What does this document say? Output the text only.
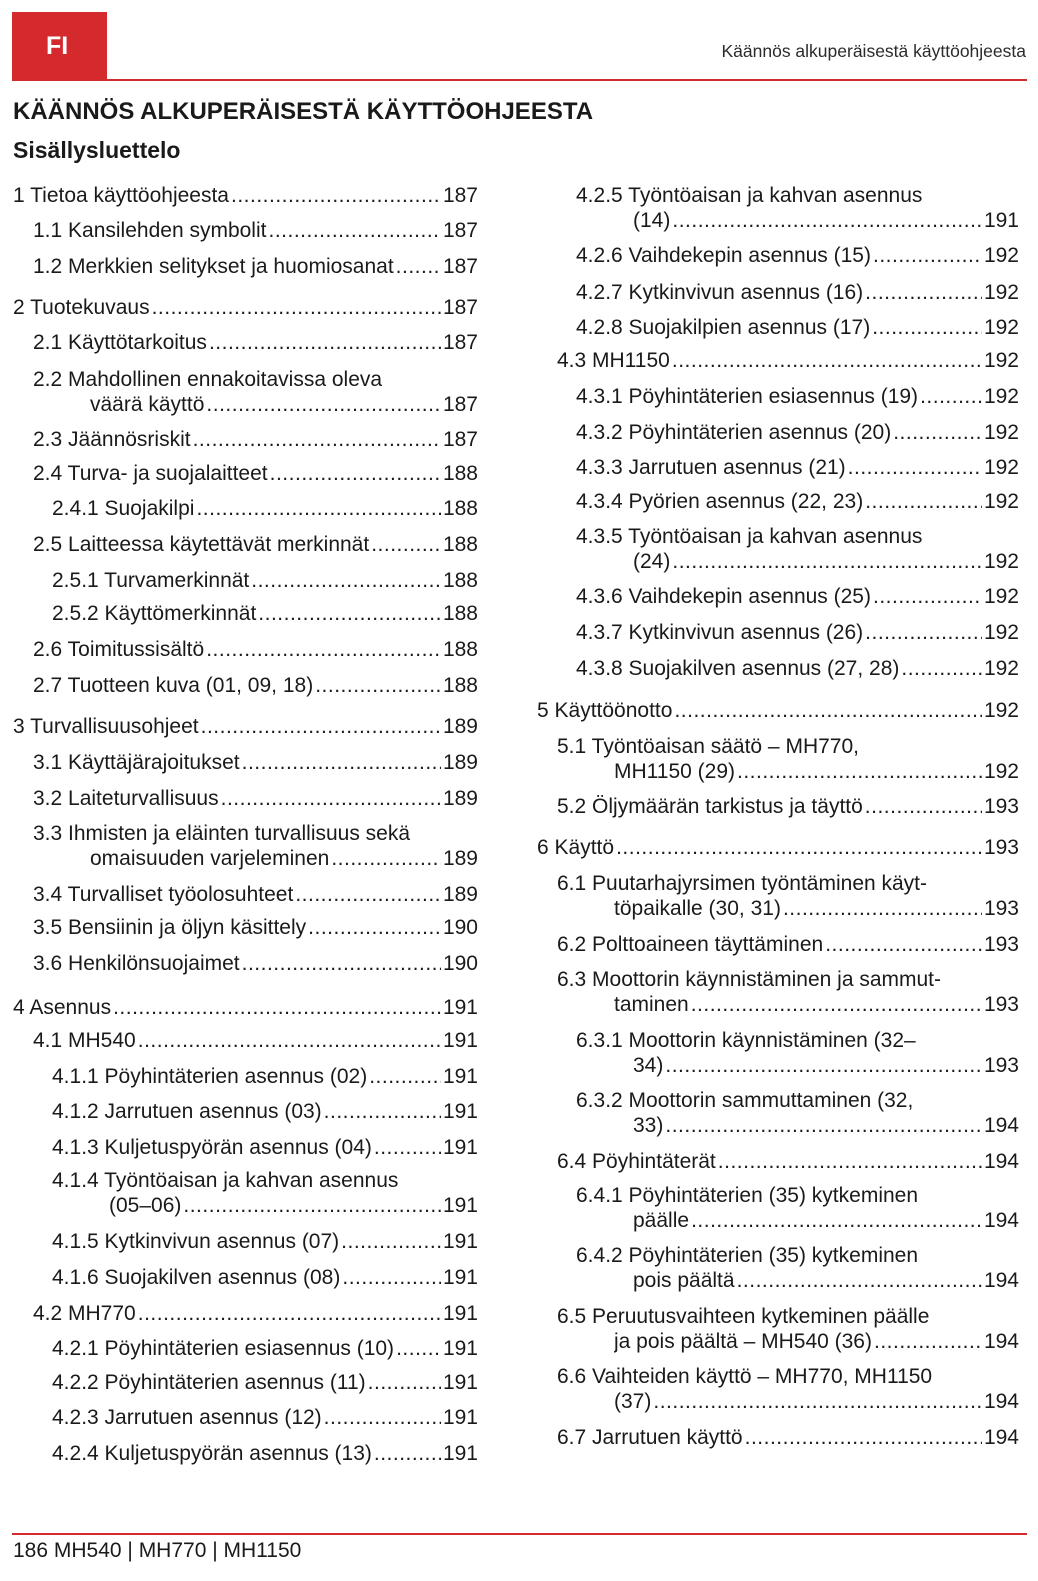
FI	Käännös alkuperäisestä käyttöohjeesta
KÄÄNNÖS ALKUPERÄISESTÄ KÄYTTÖOHJEESTA
Sisällysluettelo
1 Tietoa käyttöohjeesta .....	187
1.1 Kansilehden symbolit .....	187
1.2 Merkkien selitykset ja huomiosanat ..... 187
2 Tuotekuvaus .....	187
2.1 Käyttötarkoitus .....	187
2.2 Mahdollinen ennakoitavissa oleva
väärä käyttö .....	187
2.3 Jäännösriskit .....	187
2.4 Turva- ja suojalaitteet .....	188
2.4.1 Suojakilpi .....	188
2.5 Laitteessa käytettävät merkinnät .....	188
2.5.1 Turvamerkinnät .....	188
2.5.2 Käyttömerkinnät .....	188
2.6 Toimitussisältö .....	188
2.7 Tuotteen kuva (01, 09, 18) .....	188
3 Turvallisuusohjeet .....	189
3.1 Käyttäjärajoitukset .....	189
3.2 Laiteturvallisuus .....	189
3.3 Ihmisten ja eläinten turvallisuus sekä
omaisuuden varjeleminen .....	189
3.4 Turvalliset työolosuhteet .....	189
3.5 Bensiinin ja öljyn käsittely .....	190
3.6 Henkilönsuojaimet .....	190
4 Asennus .....	191
4.1 MH540 .....	191
4.1.1 Pöyhintäterien asennus (02) .....	191
4.1.2 Jarrutuen asennus (03) .....	191
4.1.3 Kuljetuspyörän asennus (04) .....	191
4.1.4 Työntöaisan ja kahvan asennus
(05–06) .....	191
4.1.5 Kytkinvivun asennus (07) .....	191
4.1.6 Suojakilven asennus (08) .....	191
4.2 MH770 .....	191
4.2.1 Pöyhintäterien esiasennus (10) ..... 191
4.2.2 Pöyhintäterien asennus (11) .....	191
4.2.3 Jarrutuen asennus (12) .....	191
4.2.4 Kuljetuspyörän asennus (13) .....	191
4.2.5 Työntöaisan ja kahvan asennus
(14) .....	191
4.2.6 Vaihdekepin asennus (15) .....	192
4.2.7 Kytkinvivun asennus (16) .....	192
4.2.8 Suojakilpien asennus (17) .....	192
4.3 MH1150 .....	192
4.3.1 Pöyhintäterien esiasennus (19) .....	192
4.3.2 Pöyhintäterien asennus (20) .....	192
4.3.3 Jarrutuen asennus (21) .....	192
4.3.4 Pyörien asennus (22, 23) .....	192
4.3.5 Työntöaisan ja kahvan asennus
(24) .....	192
4.3.6 Vaihdekepin asennus (25) .....	192
4.3.7 Kytkinvivun asennus (26) .....	192
4.3.8 Suojakilven asennus (27, 28) .....	192
5 Käyttöönotto .....	192
5.1 Työntöaisan säätö – MH770,
MH1150 (29) .....	192
5.2 Öljymäärän tarkistus ja täyttö .....	193
6 Käyttö .....	193
6.1 Puutarhajyrsimen työntäminen käyt-
töpaikalle (30, 31) .....	193
6.2 Polttoaineen täyttäminen .....	193
6.3 Moottorin käynnistäminen ja sammut-
taminen .....	193
6.3.1 Moottorin käynnistäminen (32–
34) .....	193
6.3.2 Moottorin sammuttaminen (32,
33) .....	194
6.4 Pöyhintäterät .....	194
6.4.1 Pöyhintäterien (35) kytkeminen
päälle .....	194
6.4.2 Pöyhintäterien (35) kytkeminen
pois päältä .....	194
6.5 Peruutusvaihteen kytkeminen päälle
ja pois päältä – MH540 (36) .....	194
6.6 Vaihteiden käyttö – MH770, MH1150
(37) .....	194
6.7 Jarrutuen käyttö .....	194
186 MH540 | MH770 | MH1150
